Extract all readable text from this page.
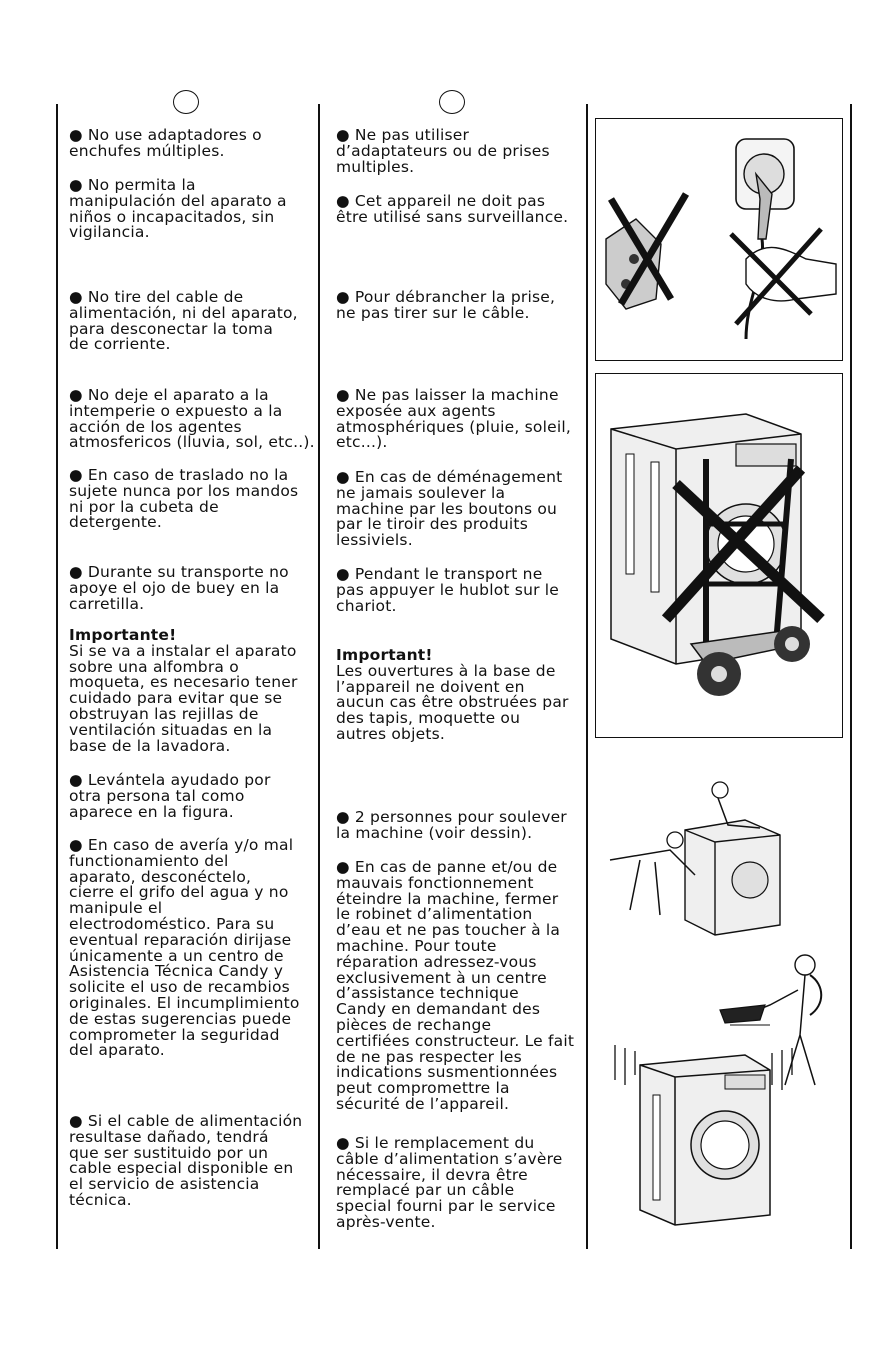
● No use adaptadores o
enchufes múltiples.

● No permita la
manipulación del aparato a
niños o incapacitados, sin
vigilancia.

● No tire del cable de
alimentación, ni del aparato,
para desconectar la toma
de corriente.

● No deje el aparato a la
intemperie o expuesto a la
acción de los agentes
atmosfericos (lluvia, sol, etc..).

● En caso de traslado no la
sujete nunca por los mandos
ni por la cubeta de
detergente.

● Durante su transporte no
apoye el ojo de buey en la
carretilla.

Importante!
Si se va a instalar el aparato
sobre una alfombra o
moqueta, es necesario tener
cuidado para evitar que se
obstruyan las rejillas de
ventilación situadas en la
base de la lavadora.

● Levántela ayudado por
otra persona tal como
aparece en la figura.

● En caso de avería y/o mal
functionamiento del
aparato, desconéctelo,
cierre el grifo del agua y no
manipule el
electrodoméstico. Para su
eventual reparación dirijase
únicamente a un centro de
Asistencia Técnica Candy y
solicite el uso de recambios
originales. El incumplimiento
de estas sugerencias puede
comprometer la seguridad
del aparato.

● Si el cable de alimentación
resultase dañado, tendrá
que ser sustituido por un
cable especial disponible en
el servicio de asistencia
técnica.

● Ne pas utiliser
d’adaptateurs ou de prises
multiples.

● Cet appareil ne doit pas
être utilisé sans surveillance.

● Pour débrancher la prise,
ne pas tirer sur le câble.

● Ne pas laisser la machine
exposée aux agents
atmosphériques (pluie, soleil,
etc...).

● En cas de déménagement
ne jamais soulever la
machine par les boutons ou
par le tiroir des produits
lessiviels.

● Pendant le transport ne
pas appuyer le hublot sur le
chariot.

Important!
Les ouvertures à la base de
l’appareil ne doivent en
aucun cas être obstruées par
des tapis, moquette ou
autres objets.

● 2 personnes pour soulever
la machine (voir dessin).

● En cas de panne et/ou de
mauvais fonctionnement
éteindre la machine, fermer
le robinet d’alimentation
d’eau et ne pas toucher à la
machine. Pour toute
réparation adressez-vous
exclusivement à un centre
d’assistance technique
Candy en demandant des
pièces de rechange
certifiées constructeur. Le fait
de ne pas respecter les
indications susmentionnées
peut compromettre la
sécurité de l’appareil.

● Si le remplacement du
câble d’alimentation s’avère
nécessaire, il devra être
remplacé par un câble
special fourni par le service
après-vente.
